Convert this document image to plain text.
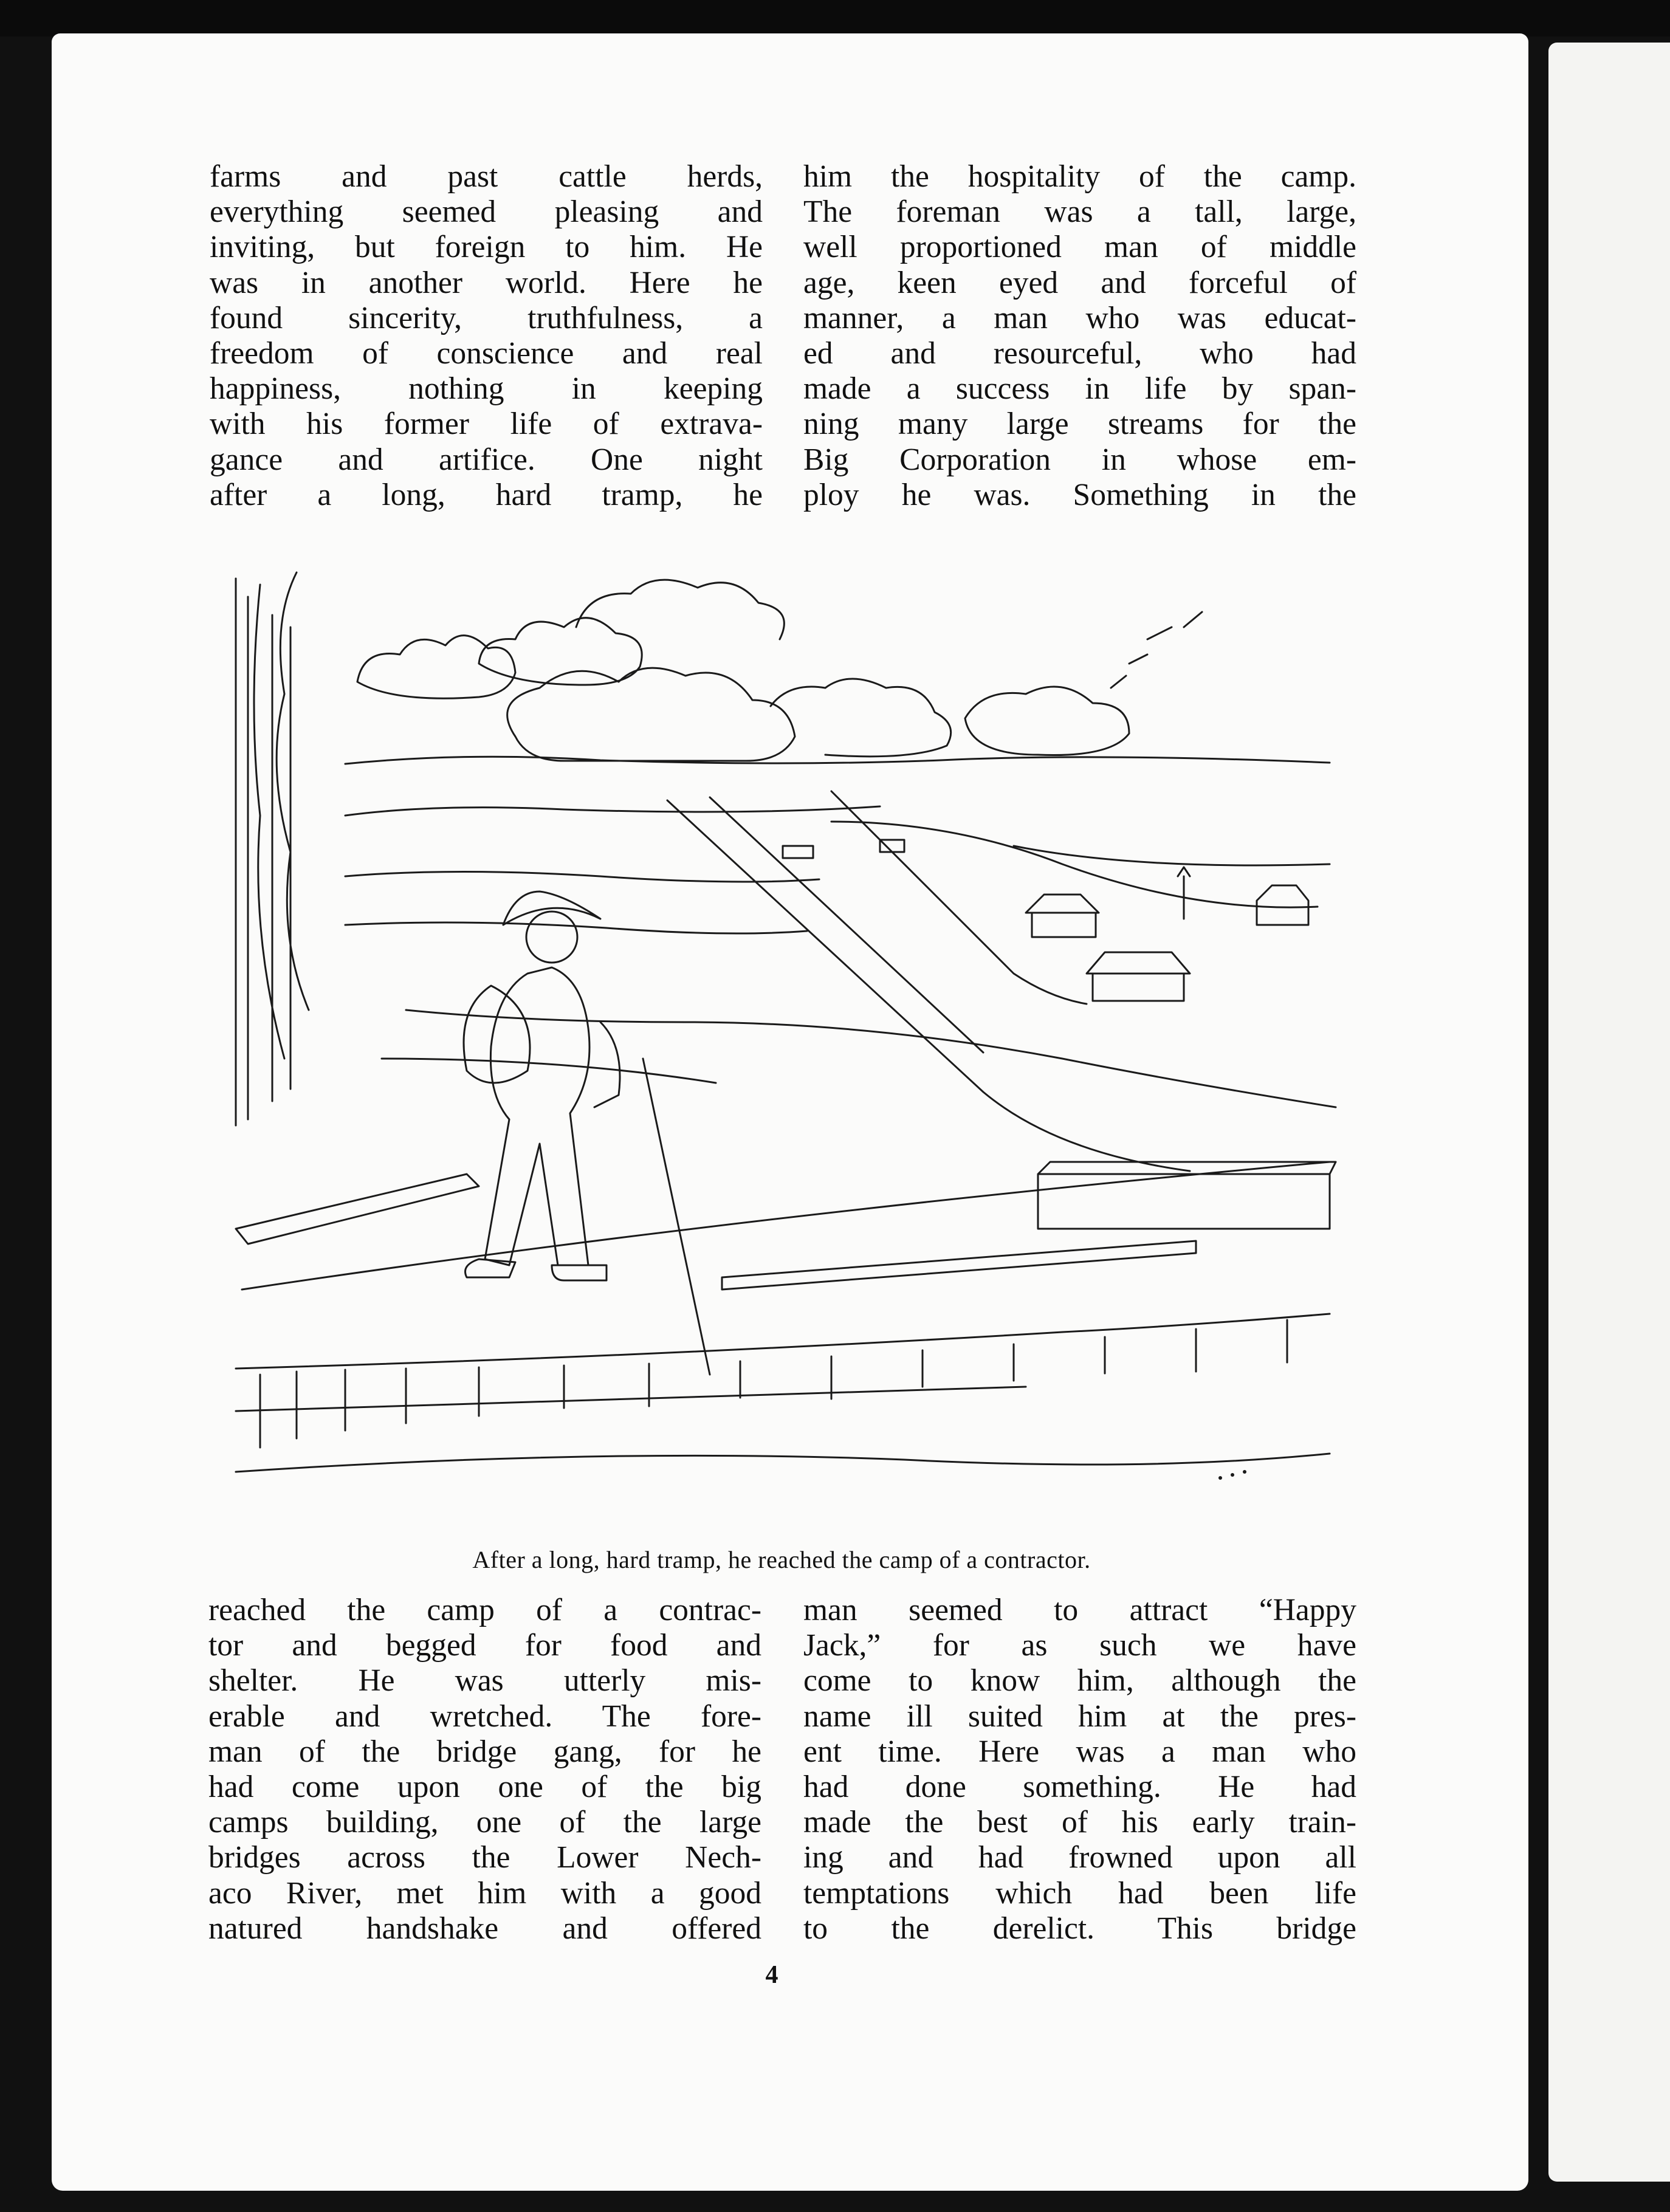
farms and past cattle herds,
everything seemed pleasing and
inviting, but foreign to him. He
was in another world. Here he
found sincerity, truthfulness, a
freedom of conscience and real
happiness, nothing in keeping
with his former life of extrava-
gance and artifice. One night
after a long, hard tramp, he
him the hospitality of the camp.
The foreman was a tall, large,
well proportioned man of middle
age, keen eyed and forceful of
manner, a man who was educat-
ed and resourceful, who had
made a success in life by span-
ning many large streams for the
Big Corporation in whose em-
ploy he was. Something in the
After a long, hard tramp, he reached the camp of a contractor.
reached the camp of a contrac-
tor and begged for food and
shelter. He was utterly mis-
erable and wretched. The fore-
man of the bridge gang, for he
had come upon one of the big
camps building, one of the large
bridges across the Lower Nech-
aco River, met him with a good
natured handshake and offered
man seemed to attract “Happy
Jack,” for as such we have
come to know him, although the
name ill suited him at the pres-
ent time. Here was a man who
had done something. He had
made the best of his early train-
ing and had frowned upon all
temptations which had been life
to the derelict. This bridge
4
